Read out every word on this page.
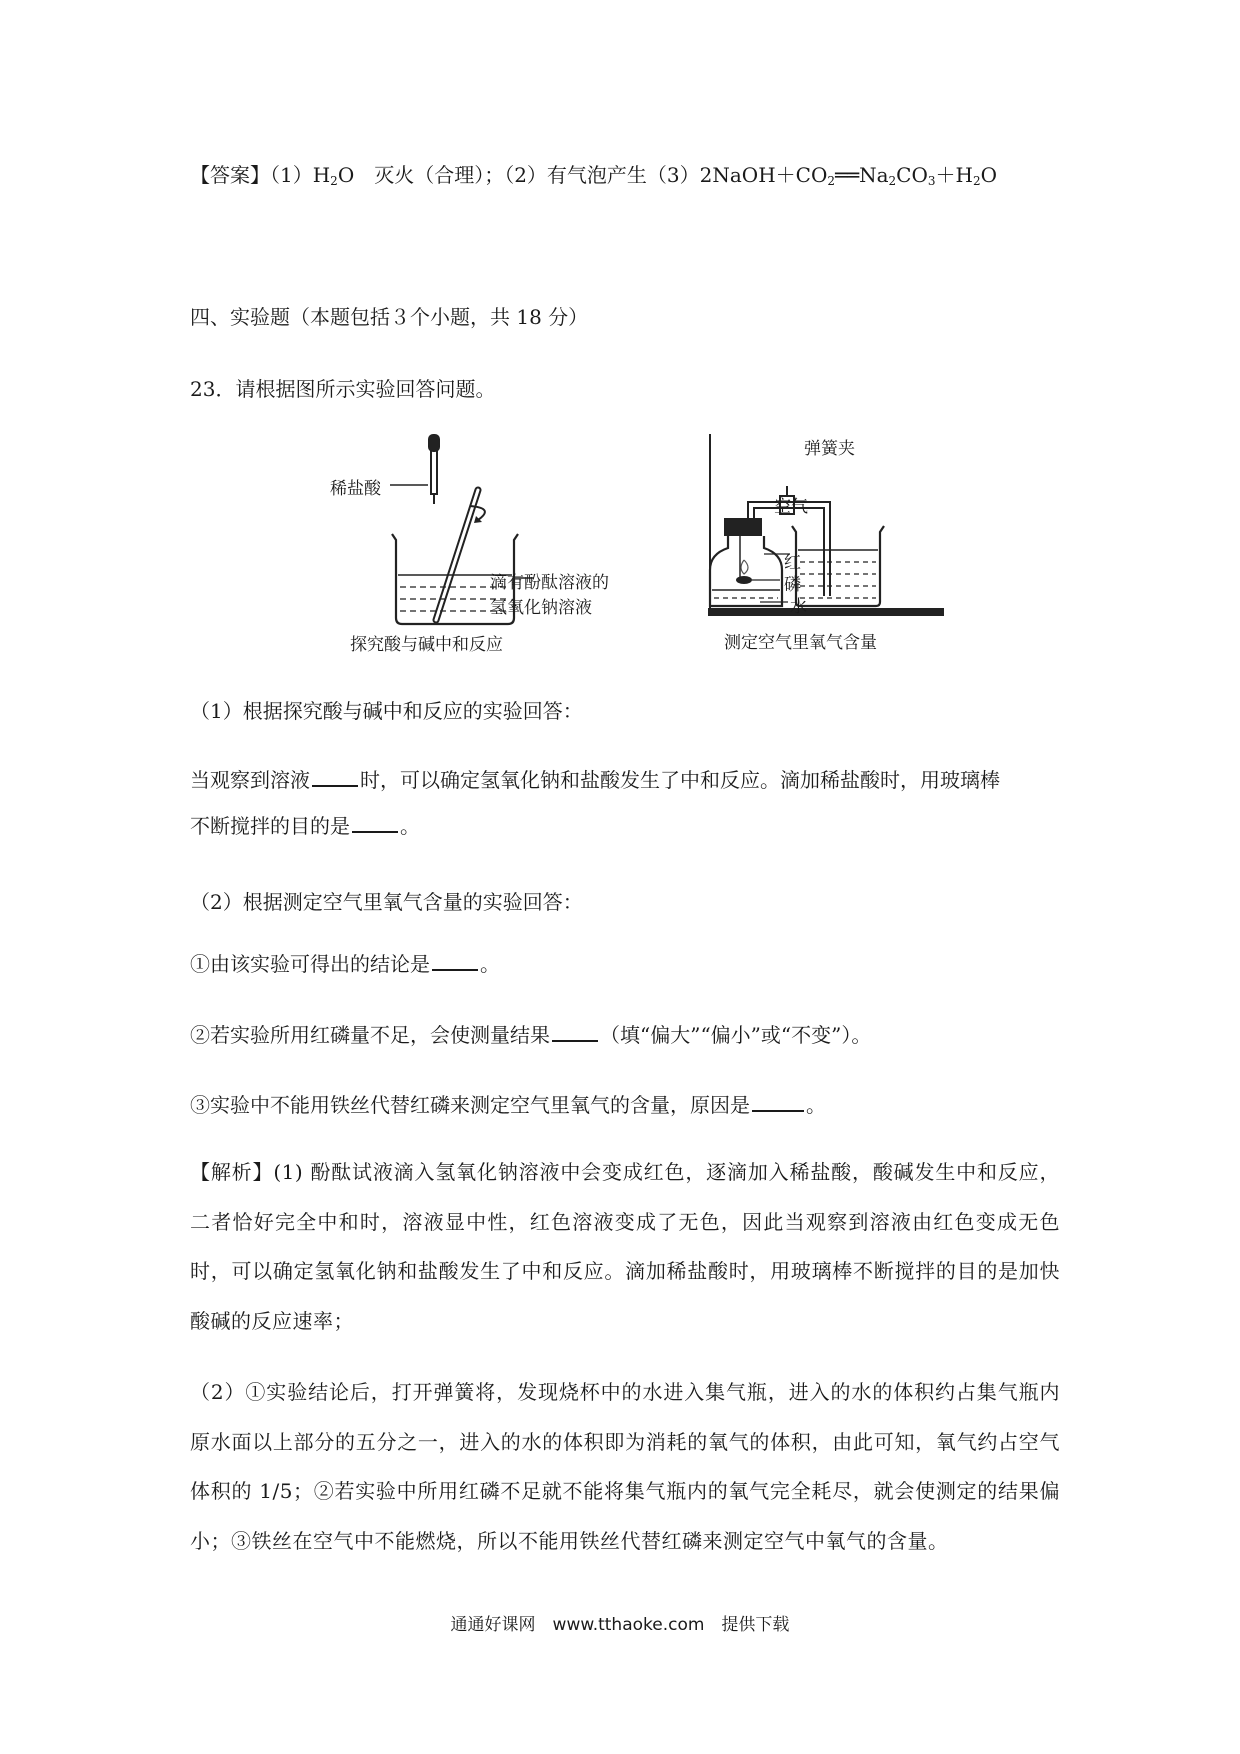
【答案】$(1)H_2O$　灭火（合理）；（2）有气泡产生$(3)2NaOH+CO_2══Na_2CO_3+H_2O$
四、实验题（本题包括３个小题，共 18 分）
23．请根据图所示实验回答问题。
稀盐酸
滴有酚酞溶液的
氢氧化钠溶液
探究酸与碱中和反应
弹簧夹
空气
红
磷
水
测定空气里氧气含量
（1）根据探究酸与碱中和反应的实验回答：
当观察到溶液	时，可以确定氢氧化钠和盐酸发生了中和反应。滴加稀盐酸时，用玻璃棒
不断搅拌的目的是	。
（2）根据测定空气里氧气含量的实验回答：
①由该实验可得出的结论是	。
②若实验所用红磷量不足，会使测量结果	（填“偏大”“偏小”或“不变”）。
③实验中不能用铁丝代替红磷来测定空气里氧气的含量，原因是	。
【解析】(1) 酚酞试液滴入氢氧化钠溶液中会变成红色，逐滴加入稀盐酸，酸碱发生中和反应，二者恰好完全中和时，溶液显中性，红色溶液变成了无色，因此当观察到溶液由红色变成无色时，可以确定氢氧化钠和盐酸发生了中和反应。滴加稀盐酸时，用玻璃棒不断搅拌的目的是加快酸碱的反应速率；
（2）①实验结论后，打开弹簧将，发现烧杯中的水进入集气瓶，进入的水的体积约占集气瓶内原水面以上部分的五分之一，进入的水的体积即为消耗的氧气的体积，由此可知，氧气约占空气体积的 1/5；②若实验中所用红磷不足就不能将集气瓶内的氧气完全耗尽，就会使测定的结果偏小；③铁丝在空气中不能燃烧，所以不能用铁丝代替红磷来测定空气中氧气的含量。
通通好课网　www.tthaoke.com　提供下载
